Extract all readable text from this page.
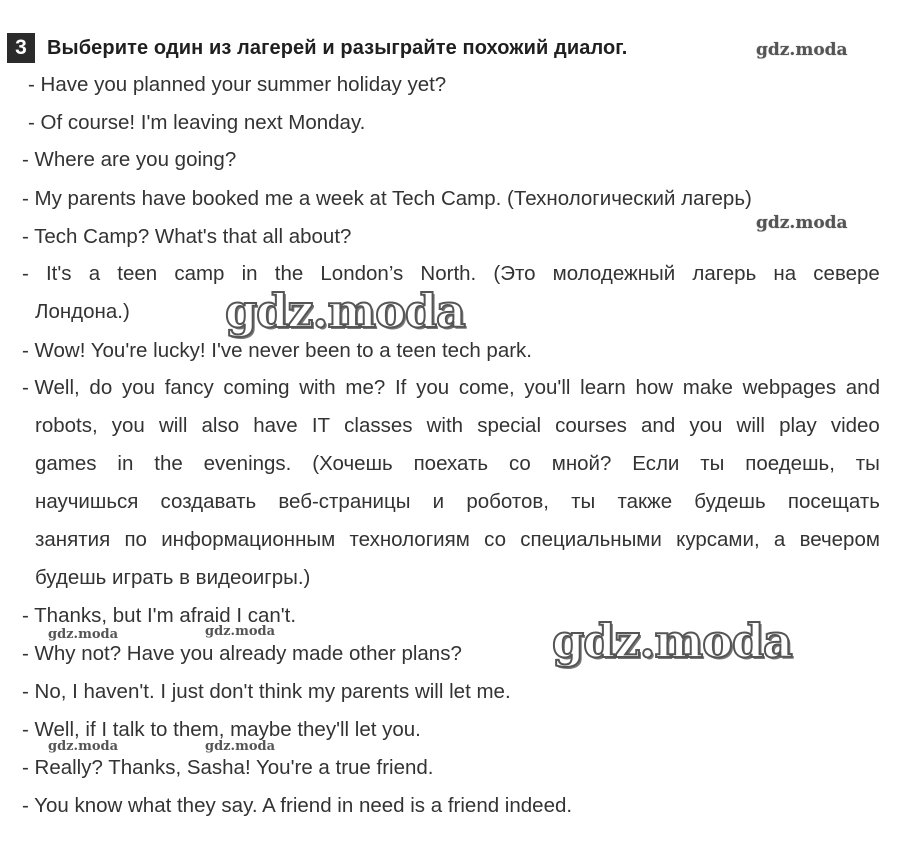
3	Выберите один из лагерей и разыграйте похожий диалог.
- Have you planned your summer holiday yet?
- Of course! I'm leaving next Monday.
- Where are you going?
- My parents have booked me a week at Tech Camp. (Технологический лагерь)
- Tech Camp? What's that all about?
- It's a teen camp in the London’s North. (Это молодежный лагерь на севере
Лондона.)
- Wow! You're lucky! I've never been to a teen tech park.
- Well, do you fancy coming with me? If you come, you'll learn how make webpages and
robots, you will also have IT classes with special courses and you will play video
games in the evenings. (Хочешь поехать со мной? Если ты поедешь, ты
научишься создавать веб-страницы и роботов, ты также будешь посещать
занятия по информационным технологиям со специальными курсами, а вечером
будешь играть в видеоигры.)
- Thanks, but I'm afraid I can't.
- Why not? Have you already made other plans?
- No, I haven't. I just don't think my parents will let me.
- Well, if I talk to them, maybe they'll let you.
- Really? Thanks, Sasha! You're a true friend.
- You know what they say. A friend in need is a friend indeed.
gdz.moda
gdz.moda
gdz.moda
gdz.moda
gdz.moda	gdz.moda
gdz.moda	gdz.moda
